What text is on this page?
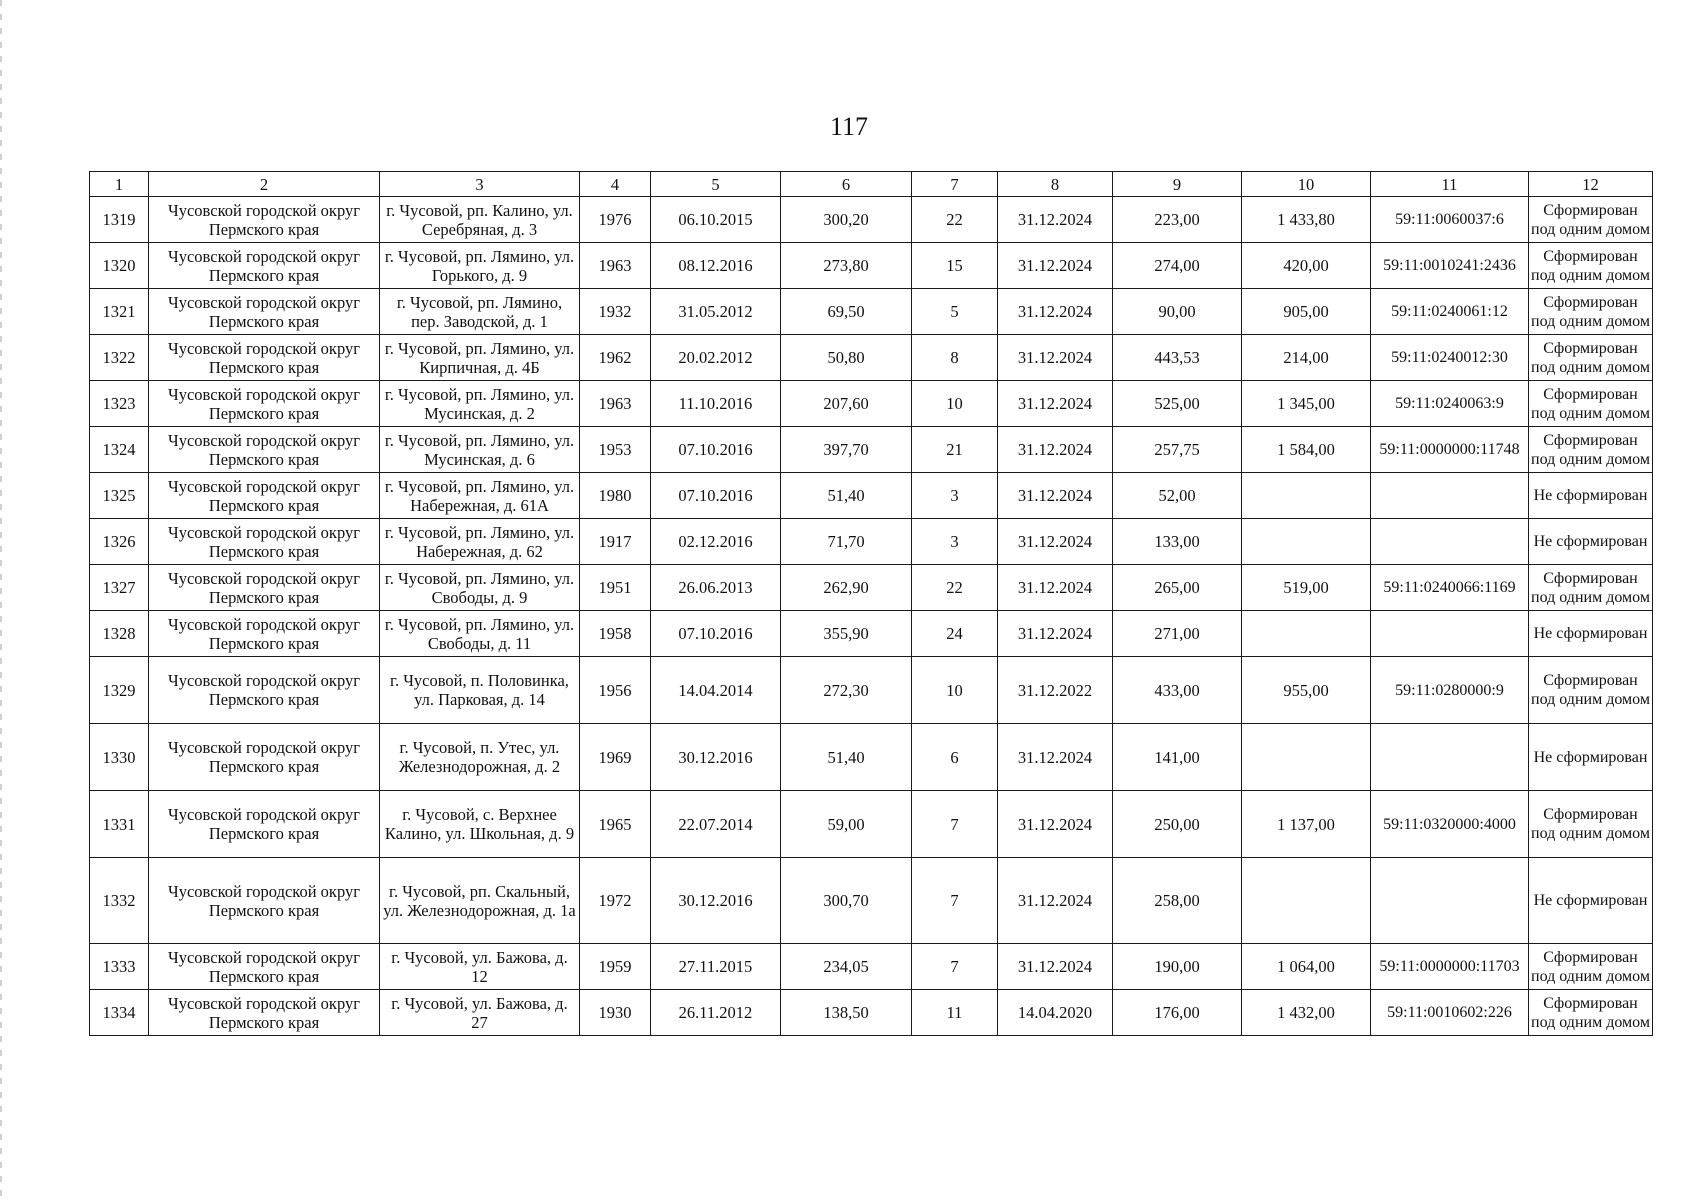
117
1	2	3	4	5	6	7	8	9	10	11	12
1319	Чусовской городской округ Пермского края	г. Чусовой, рп. Калино, ул. Серебряная, д. 3	1976	06.10.2015	300,20	22	31.12.2024	223,00	1 433,80	59:11:0060037:6	Сформирован
под одним домом
1320	Чусовской городской округ Пермского края	г. Чусовой, рп. Лямино, ул. Горького, д. 9	1963	08.12.2016	273,80	15	31.12.2024	274,00	420,00	59:11:0010241:2436	Сформирован
под одним домом
1321	Чусовской городской округ Пермского края	г. Чусовой, рп. Лямино, пер. Заводской, д. 1	1932	31.05.2012	69,50	5	31.12.2024	90,00	905,00	59:11:0240061:12	Сформирован
под одним домом
1322	Чусовской городской округ Пермского края	г. Чусовой, рп. Лямино, ул. Кирпичная, д. 4Б	1962	20.02.2012	50,80	8	31.12.2024	443,53	214,00	59:11:0240012:30	Сформирован
под одним домом
1323	Чусовской городской округ Пермского края	г. Чусовой, рп. Лямино, ул. Мусинская, д. 2	1963	11.10.2016	207,60	10	31.12.2024	525,00	1 345,00	59:11:0240063:9	Сформирован
под одним домом
1324	Чусовской городской округ Пермского края	г. Чусовой, рп. Лямино, ул. Мусинская, д. 6	1953	07.10.2016	397,70	21	31.12.2024	257,75	1 584,00	59:11:0000000:11748	Сформирован
под одним домом
1325	Чусовской городской округ Пермского края	г. Чусовой, рп. Лямино, ул. Набережная, д. 61А	1980	07.10.2016	51,40	3	31.12.2024	52,00			Не сформирован
1326	Чусовской городской округ Пермского края	г. Чусовой, рп. Лямино, ул. Набережная, д. 62	1917	02.12.2016	71,70	3	31.12.2024	133,00			Не сформирован
1327	Чусовской городской округ Пермского края	г. Чусовой, рп. Лямино, ул. Свободы, д. 9	1951	26.06.2013	262,90	22	31.12.2024	265,00	519,00	59:11:0240066:1169	Сформирован
под одним домом
1328	Чусовской городской округ Пермского края	г. Чусовой, рп. Лямино, ул. Свободы, д. 11	1958	07.10.2016	355,90	24	31.12.2024	271,00			Не сформирован
1329	Чусовской городской округ Пермского края	г. Чусовой, п. Половинка, ул. Парковая, д. 14	1956	14.04.2014	272,30	10	31.12.2022	433,00	955,00	59:11:0280000:9	Сформирован
под одним домом
1330	Чусовской городской округ Пермского края	г. Чусовой, п. Утес, ул. Железнодорожная, д. 2	1969	30.12.2016	51,40	6	31.12.2024	141,00			Не сформирован
1331	Чусовской городской округ Пермского края	г. Чусовой, с. Верхнее Калино, ул. Школьная, д. 9	1965	22.07.2014	59,00	7	31.12.2024	250,00	1 137,00	59:11:0320000:4000	Сформирован
под одним домом
1332	Чусовской городской округ Пермского края	г. Чусовой, рп. Скальный, ул. Железнодорожная, д. 1а	1972	30.12.2016	300,70	7	31.12.2024	258,00			Не сформирован
1333	Чусовской городской округ Пермского края	г. Чусовой, ул. Бажова, д. 12	1959	27.11.2015	234,05	7	31.12.2024	190,00	1 064,00	59:11:0000000:11703	Сформирован
под одним домом
1334	Чусовской городской округ Пермского края	г. Чусовой, ул. Бажова, д. 27	1930	26.11.2012	138,50	11	14.04.2020	176,00	1 432,00	59:11:0010602:226	Сформирован
под одним домом
